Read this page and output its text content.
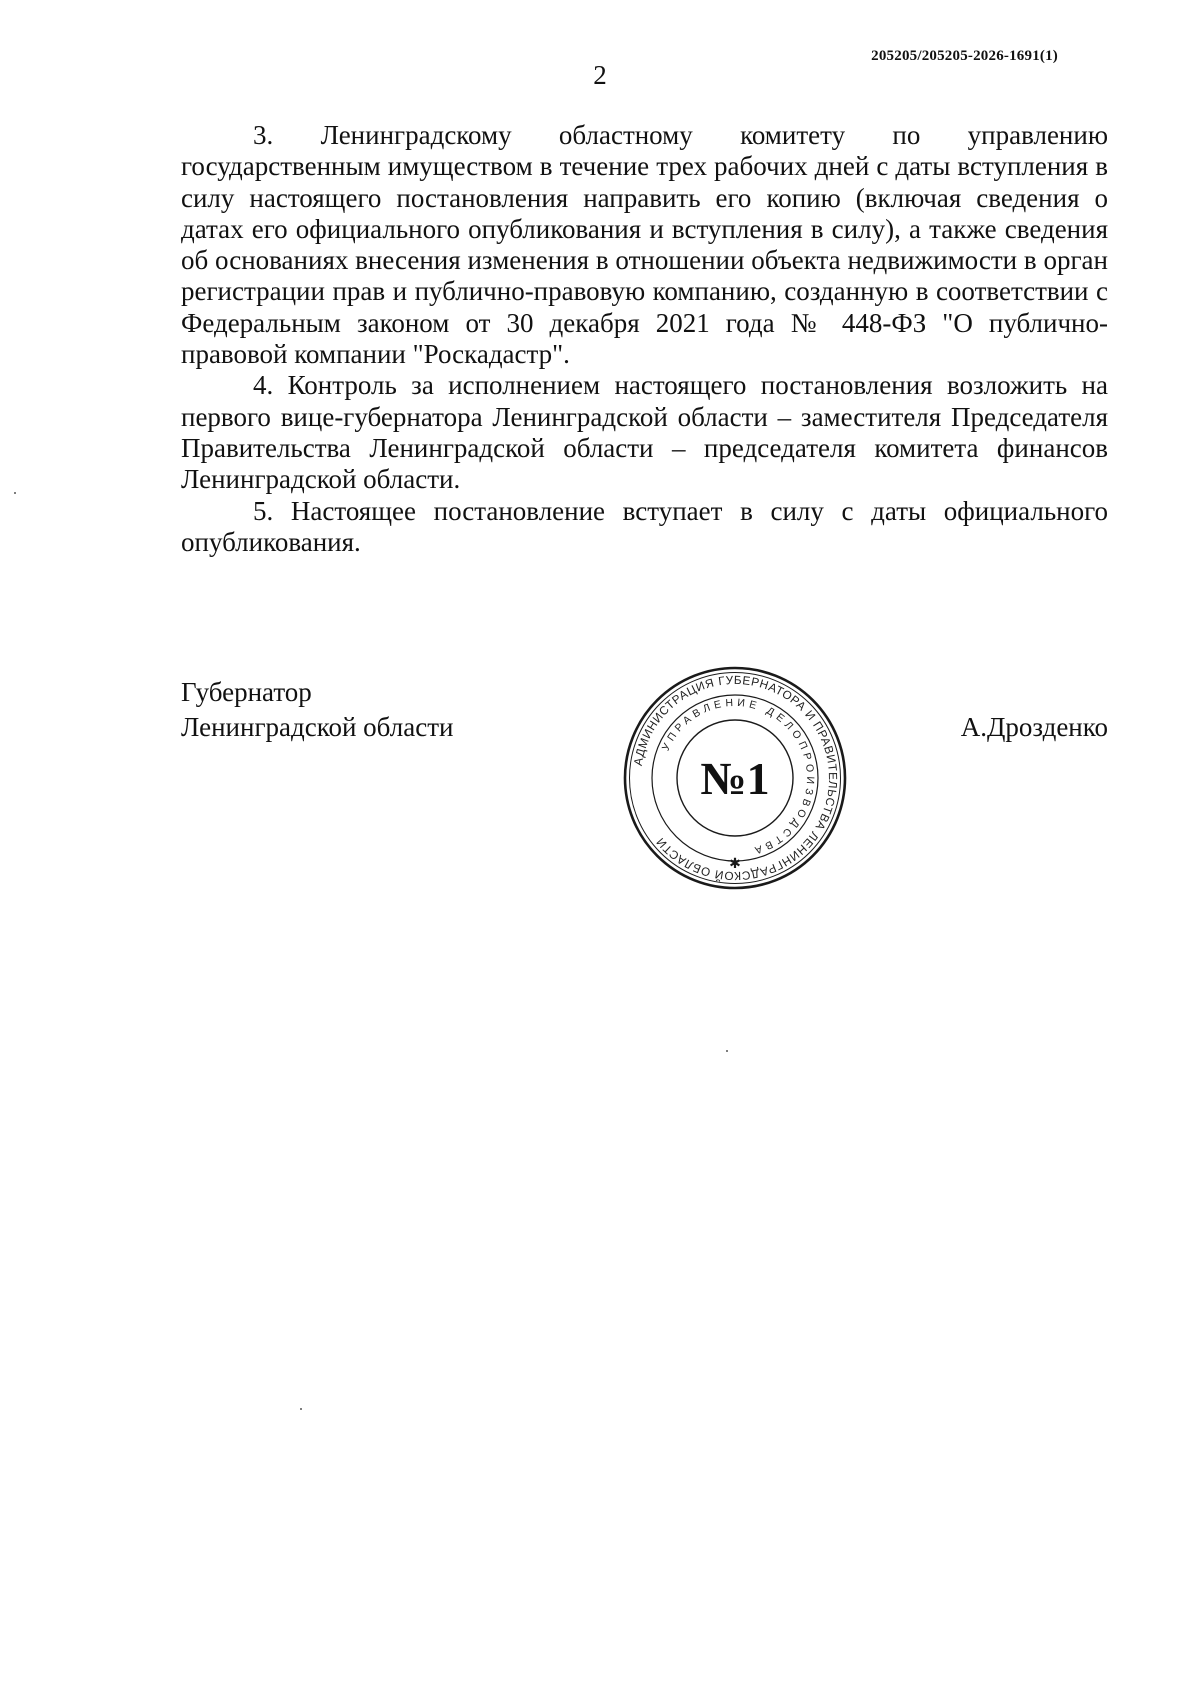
205205/205205-2026-1691(1)
2

3. Ленинградскому областному комитету по управлению государственным имуществом в течение трех рабочих дней с даты вступления в силу настоящего постановления направить его копию (включая сведения о датах его официального опубликования и вступления в силу), а также сведения об основаниях внесения изменения в отношении объекта недвижимости в орган регистрации прав и публично-правовую компанию, созданную в соответствии с Федеральным законом от 30 декабря 2021 года № 448-ФЗ "О публично-правовой компании "Роскадастр".

4. Контроль за исполнением настоящего постановления возложить на первого вице-губернатора Ленинградской области – заместителя Председателя Правительства Ленинградской области – председателя комитета финансов Ленинградской области.

5. Настоящее постановление вступает в силу с даты официального опубликования.

Губернатор
Ленинградской области	А.Дрозденко
АДМИНИСТРАЦИЯ ГУБЕРНАТОРА И ПРАВИТЕЛЬСТВА ЛЕНИНГРАДСКОЙ ОБЛАСТИ
УПРАВЛЕНИЕ ДЕЛОПРОИЗВОДСТВА
№1
✱
